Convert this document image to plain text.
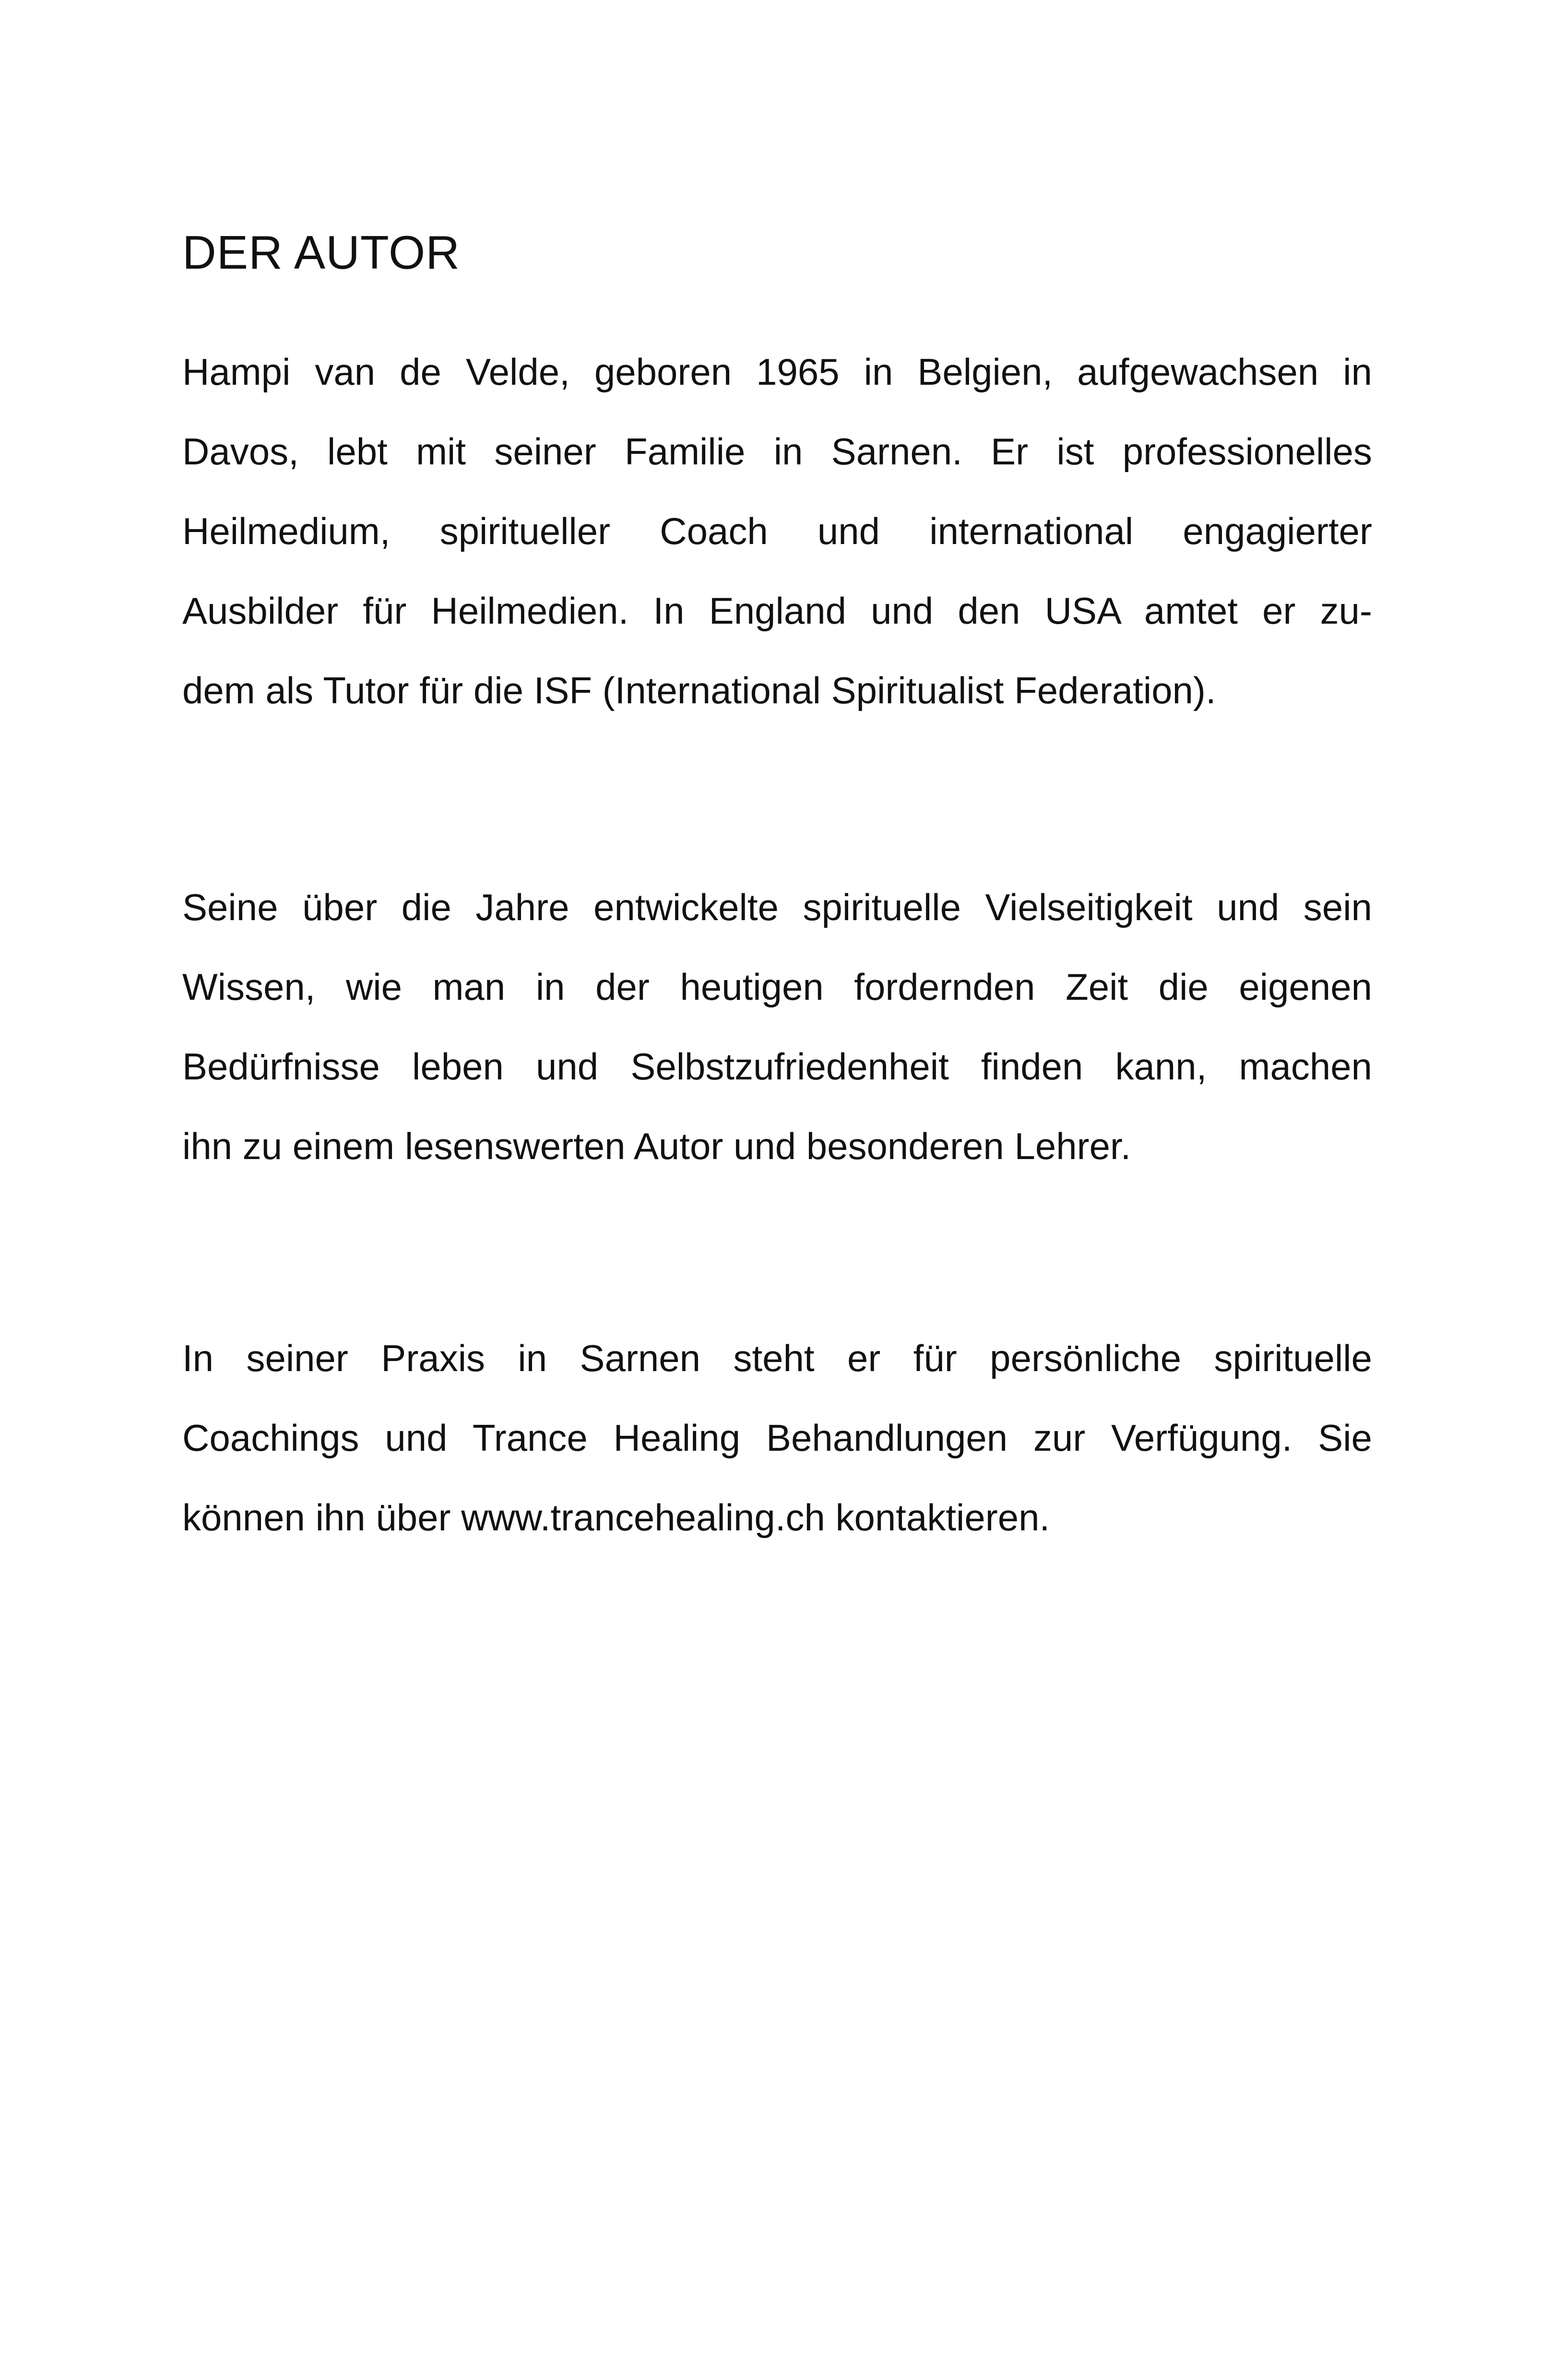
DER AUTOR
Hampi van de Velde, geboren 1965 in Belgien, aufgewachsen in
Davos, lebt mit seiner Familie in Sarnen. Er ist professionelles
Heilmedium, spiritueller Coach und international engagierter
Ausbilder für Heilmedien. In England und den USA amtet er zu-
dem als Tutor für die ISF (International Spiritualist Federation).
Seine über die Jahre entwickelte spirituelle Vielseitigkeit und sein
Wissen, wie man in der heutigen fordernden Zeit die eigenen
Bedürfnisse leben und Selbstzufriedenheit finden kann, machen
ihn zu einem lesenswerten Autor und besonderen Lehrer.
In seiner Praxis in Sarnen steht er für persönliche spirituelle
Coachings und Trance Healing Behandlungen zur Verfügung. Sie
können ihn über www.trancehealing.ch kontaktieren.
